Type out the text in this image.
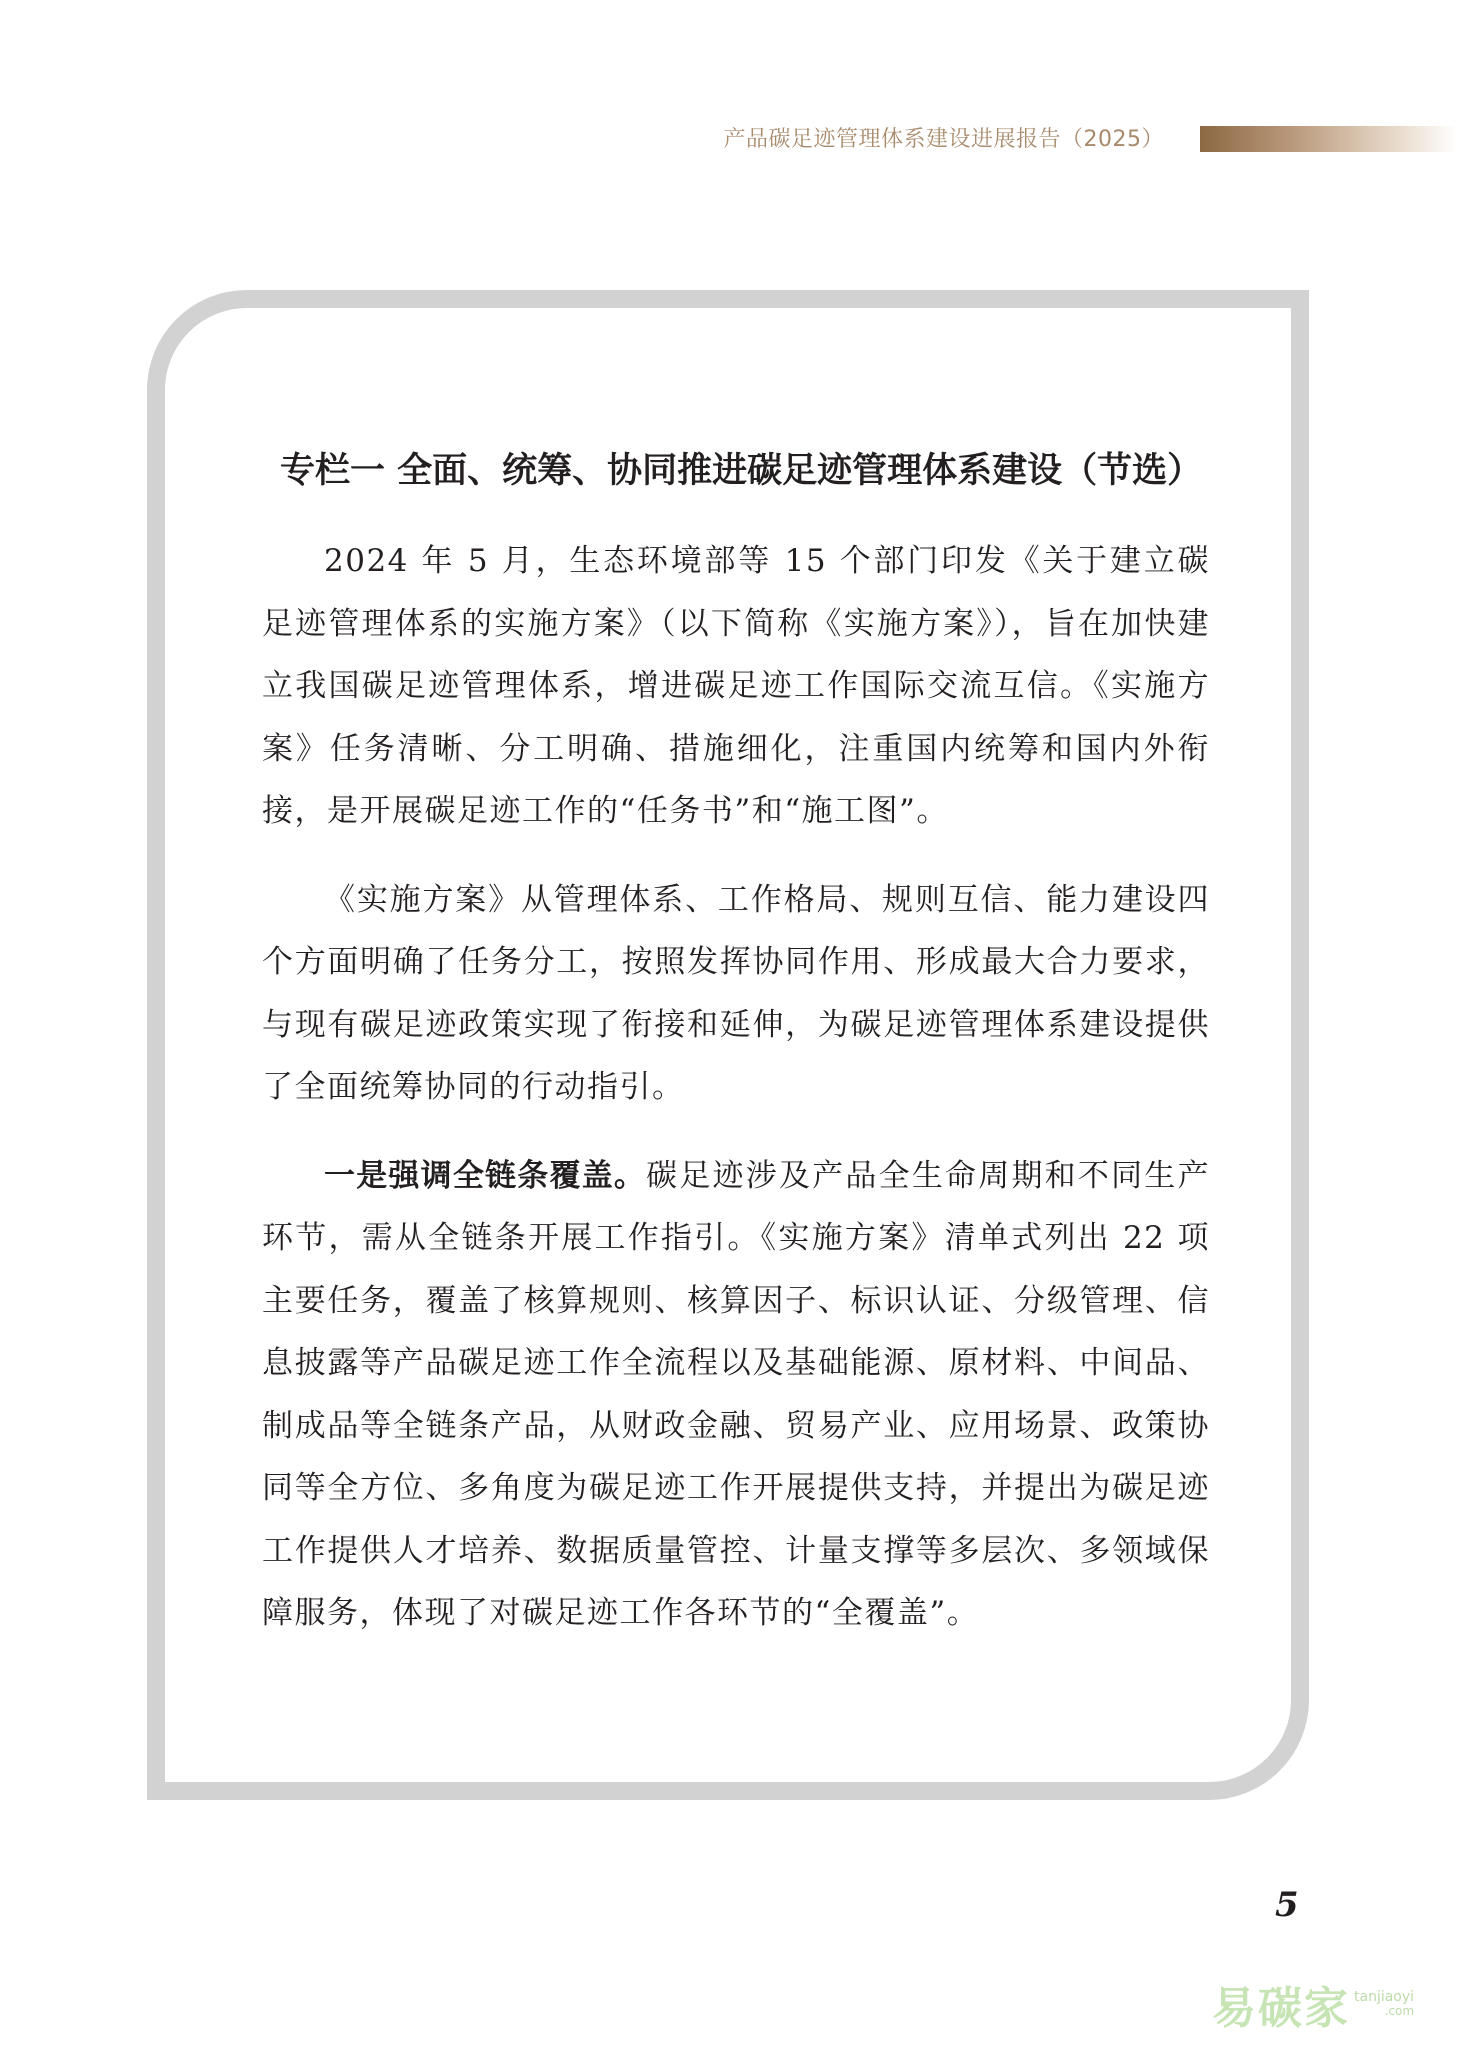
产品碳足迹管理体系建设进展报告（2025）
专栏一 全面、统筹、协同推进碳足迹管理体系建设（节选）

2024 年 5 月，生态环境部等 15 个部门印发《关于建立碳足迹管理体系的实施方案》（以下简称《实施方案》），旨在加快建立我国碳足迹管理体系，增进碳足迹工作国际交流互信。《实施方案》任务清晰、分工明确、措施细化，注重国内统筹和国内外衔接，是开展碳足迹工作的“任务书”和“施工图”。

《实施方案》从管理体系、工作格局、规则互信、能力建设四个方面明确了任务分工，按照发挥协同作用、形成最大合力要求，与现有碳足迹政策实现了衔接和延伸，为碳足迹管理体系建设提供了全面统筹协同的行动指引。

一是强调全链条覆盖。碳足迹涉及产品全生命周期和不同生产环节，需从全链条开展工作指引。《实施方案》清单式列出 22 项主要任务，覆盖了核算规则、核算因子、标识认证、分级管理、信息披露等产品碳足迹工作全流程以及基础能源、原材料、中间品、制成品等全链条产品，从财政金融、贸易产业、应用场景、政策协同等全方位、多角度为碳足迹工作开展提供支持，并提出为碳足迹工作提供人才培养、数据质量管控、计量支撑等多层次、多领域保障服务，体现了对碳足迹工作各环节的“全覆盖”。

5
易碳家 tanjiaoyi
.com
